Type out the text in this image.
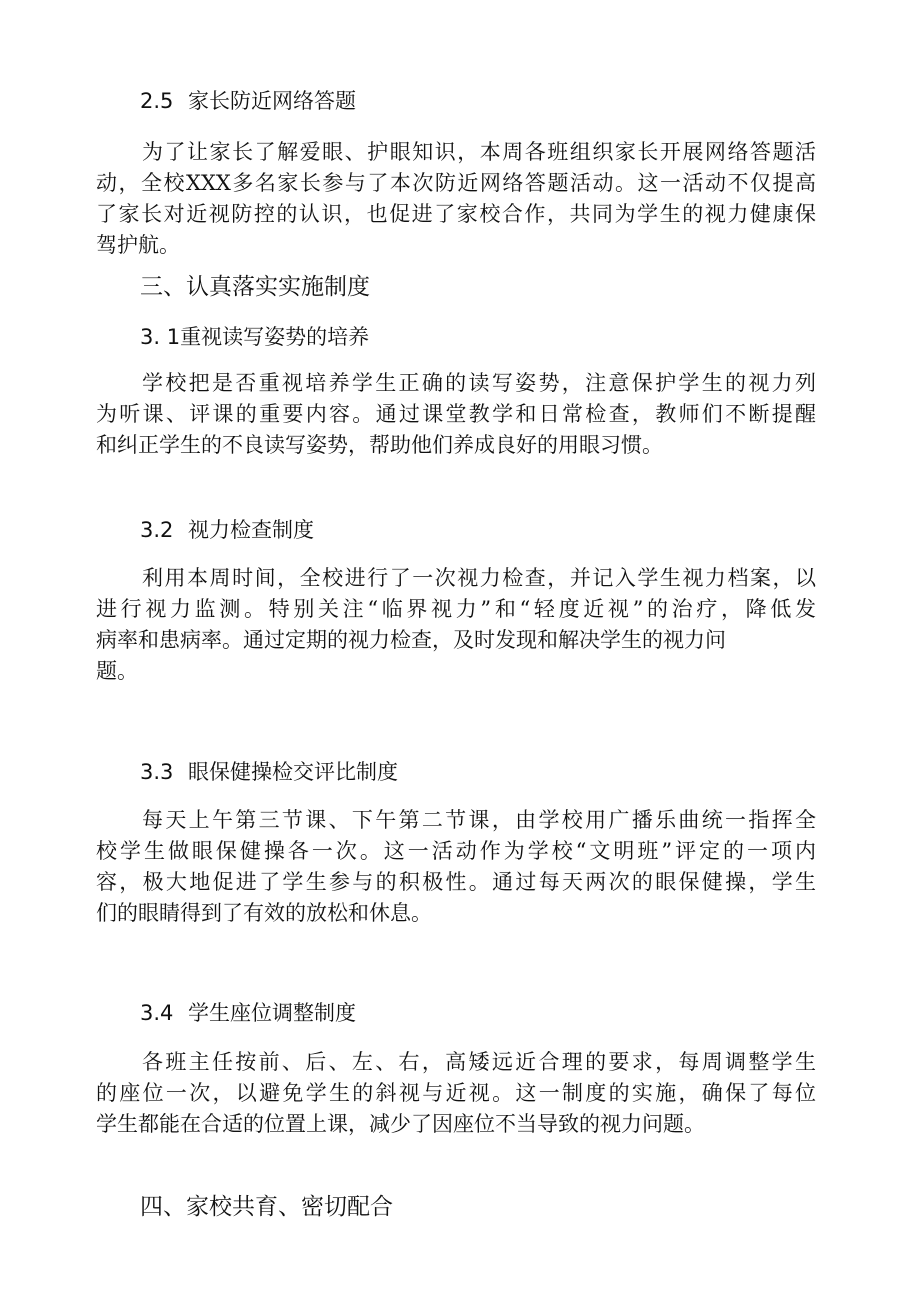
2.5 家长防近网络答题
为了让家长了解爱眼、护眼知识，本周各班组织家长开展网络答题活
动，全校XXX多名家长参与了本次防近网络答题活动。这一活动不仅提高
了家长对近视防控的认识，也促进了家校合作，共同为学生的视力健康保
驾护航。
三、认真落实实施制度
3. 1重视读写姿势的培养
学校把是否重视培养学生正确的读写姿势，注意保护学生的视力列
为听课、评课的重要内容。通过课堂教学和日常检查，教师们不断提醒
和纠正学生的不良读写姿势，帮助他们养成良好的用眼习惯。
3.2 视力检查制度
利用本周时间，全校进行了一次视力检查，并记入学生视力档案，以
进行视力监测。特别关注“临界视力”和“轻度近视”的治疗，降低发
病率和患病率。通过定期的视力检查，及时发现和解决学生的视力问
题。
3.3 眼保健操检交评比制度
每天上午第三节课、下午第二节课，由学校用广播乐曲统一指挥全
校学生做眼保健操各一次。这一活动作为学校“文明班”评定的一项内
容，极大地促进了学生参与的积极性。通过每天两次的眼保健操，学生
们的眼睛得到了有效的放松和休息。
3.4 学生座位调整制度
各班主任按前、后、左、右，高矮远近合理的要求，每周调整学生
的座位一次，以避免学生的斜视与近视。这一制度的实施，确保了每位
学生都能在合适的位置上课，减少了因座位不当导致的视力问题。
四、家校共育、密切配合
